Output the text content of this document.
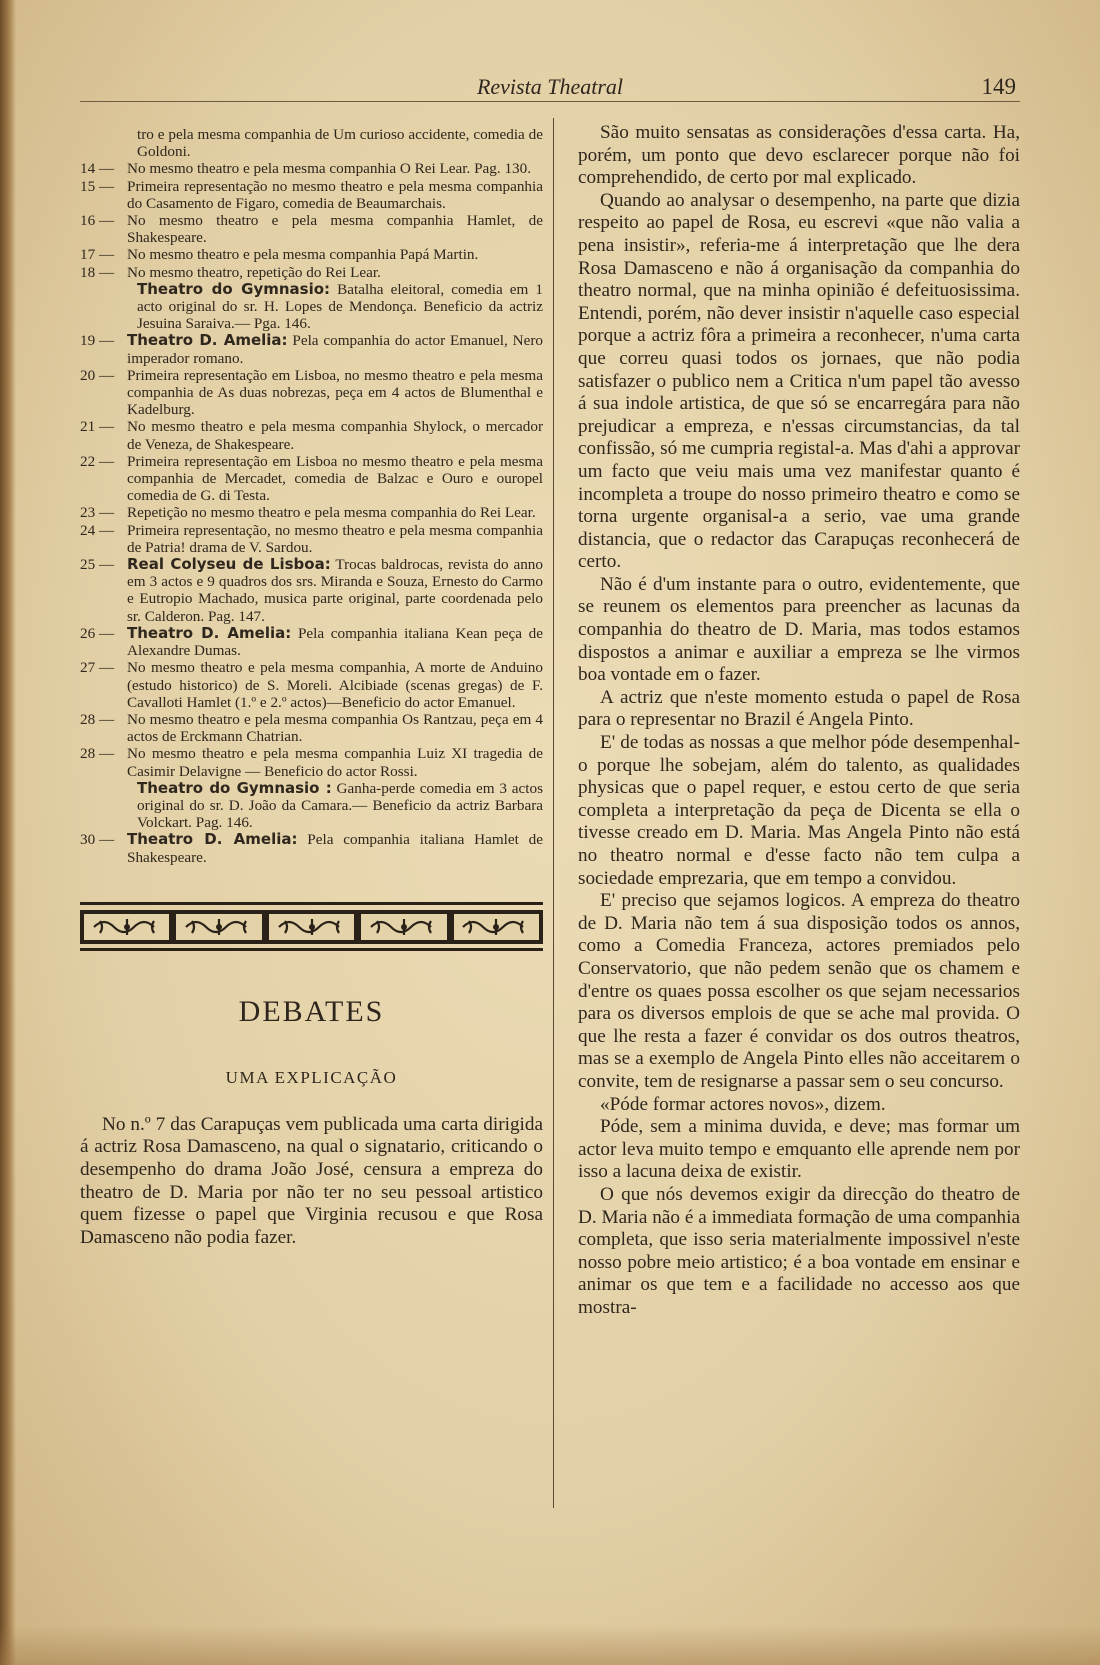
Revista Theatral	149

tro e pela mesma companhia de Um curioso accidente, comedia de Goldoni.

14 — No mesmo theatro e pela mesma companhia O Rei Lear. Pag. 130.

15 — Primeira representação no mesmo theatro e pela mesma companhia do Casamento de Figaro, comedia de Beaumarchais.

16 — No mesmo theatro e pela mesma companhia Hamlet, de Shakespeare.

17 — No mesmo theatro e pela mesma companhia Papá Martin.

18 — No mesmo theatro, repetição do Rei Lear.

Theatro do Gymnasio: Batalha eleitoral, comedia em 1 acto original do sr. H. Lopes de Mendonça. Beneficio da actriz Jesuina Saraiva.— Pga. 146.

19 — Theatro D. Amelia: Pela companhia do actor Emanuel, Nero imperador romano.

20 — Primeira representação em Lisboa, no mesmo theatro e pela mesma companhia de As duas nobrezas, peça em 4 actos de Blumenthal e Kadelburg.

21 — No mesmo theatro e pela mesma companhia Shylock, o mercador de Veneza, de Shakespeare.

22 — Primeira representação em Lisboa no mesmo theatro e pela mesma companhia de Mercadet, comedia de Balzac e Ouro e ouropel comedia de G. di Testa.

23 — Repetição no mesmo theatro e pela mesma companhia do Rei Lear.

24 — Primeira representação, no mesmo theatro e pela mesma companhia de Patria! drama de V. Sardou.

25 — Real Colyseu de Lisboa: Trocas baldrocas, revista do anno em 3 actos e 9 quadros dos srs. Miranda e Souza, Ernesto do Carmo e Eutropio Machado, musica parte original, parte coordenada pelo sr. Calderon. Pag. 147.

26 — Theatro D. Amelia: Pela companhia italiana Kean peça de Alexandre Dumas.

27 — No mesmo theatro e pela mesma companhia, A morte de Anduino (estudo historico) de S. Moreli. Alcibiade (scenas gregas) de F. Cavalloti Hamlet (1.º e 2.º actos)—Beneficio do actor Emanuel.

28 — No mesmo theatro e pela mesma companhia Os Rantzau, peça em 4 actos de Erckmann Chatrian.

28 — No mesmo theatro e pela mesma companhia Luiz XI tragedia de Casimir Delavigne — Beneficio do actor Rossi.

Theatro do Gymnasio : Ganha-perde comedia em 3 actos original do sr. D. João da Camara.— Beneficio da actriz Barbara Volckart. Pag. 146.

30 — Theatro D. Amelia: Pela companhia italiana Hamlet de Shakespeare.

DEBATES
UMA EXPLICAÇÃO

No n.º 7 das Carapuças vem publicada uma carta dirigida á actriz Rosa Damasceno, na qual o signatario, criticando o desempenho do drama João José, censura a empreza do theatro de D. Maria por não ter no seu pessoal artistico quem fizesse o papel que Virginia recusou e que Rosa Damasceno não podia fazer.

São muito sensatas as considerações d'essa carta. Ha, porém, um ponto que devo esclarecer porque não foi comprehendido, de certo por mal explicado.

Quando ao analysar o desempenho, na parte que dizia respeito ao papel de Rosa, eu escrevi «que não valia a pena insistir», referia-me á interpretação que lhe dera Rosa Damasceno e não á organisação da companhia do theatro normal, que na minha opinião é defeituosissima. Entendi, porém, não dever insistir n'aquelle caso especial porque a actriz fôra a primeira a reconhecer, n'uma carta que correu quasi todos os jornaes, que não podia satisfazer o publico nem a Critica n'um papel tão avesso á sua indole artistica, de que só se encarregára para não prejudicar a empreza, e n'essas circumstancias, da tal confissão, só me cumpria registal-a. Mas d'ahi a approvar um facto que veiu mais uma vez manifestar quanto é incompleta a troupe do nosso primeiro theatro e como se torna urgente organisal-a a serio, vae uma grande distancia, que o redactor das Carapuças reconhecerá de certo.

Não é d'um instante para o outro, evidentemente, que se reunem os elementos para preencher as lacunas da companhia do theatro de D. Maria, mas todos estamos dispostos a animar e auxiliar a empreza se lhe virmos boa vontade em o fazer.

A actriz que n'este momento estuda o papel de Rosa para o representar no Brazil é Angela Pinto.

E' de todas as nossas a que melhor póde desempenhal-o porque lhe sobejam, além do talento, as qualidades physicas que o papel requer, e estou certo de que seria completa a interpretação da peça de Dicenta se ella o tivesse creado em D. Maria. Mas Angela Pinto não está no theatro normal e d'esse facto não tem culpa a sociedade emprezaria, que em tempo a convidou.

E' preciso que sejamos logicos. A empreza do theatro de D. Maria não tem á sua disposição todos os annos, como a Comedia Franceza, actores premiados pelo Conservatorio, que não pedem senão que os chamem e d'entre os quaes possa escolher os que sejam necessarios para os diversos emplois de que se ache mal provida. O que lhe resta a fazer é convidar os dos outros theatros, mas se a exemplo de Angela Pinto elles não acceitarem o convite, tem de resignarse a passar sem o seu concurso.

«Póde formar actores novos», dizem.

Póde, sem a minima duvida, e deve; mas formar um actor leva muito tempo e emquanto elle aprende nem por isso a lacuna deixa de existir.

O que nós devemos exigir da direcção do theatro de D. Maria não é a immediata formação de uma companhia completa, que isso seria materialmente impossivel n'este nosso pobre meio artistico; é a boa vontade em ensinar e animar os que tem e a facilidade no accesso aos que mostra-
